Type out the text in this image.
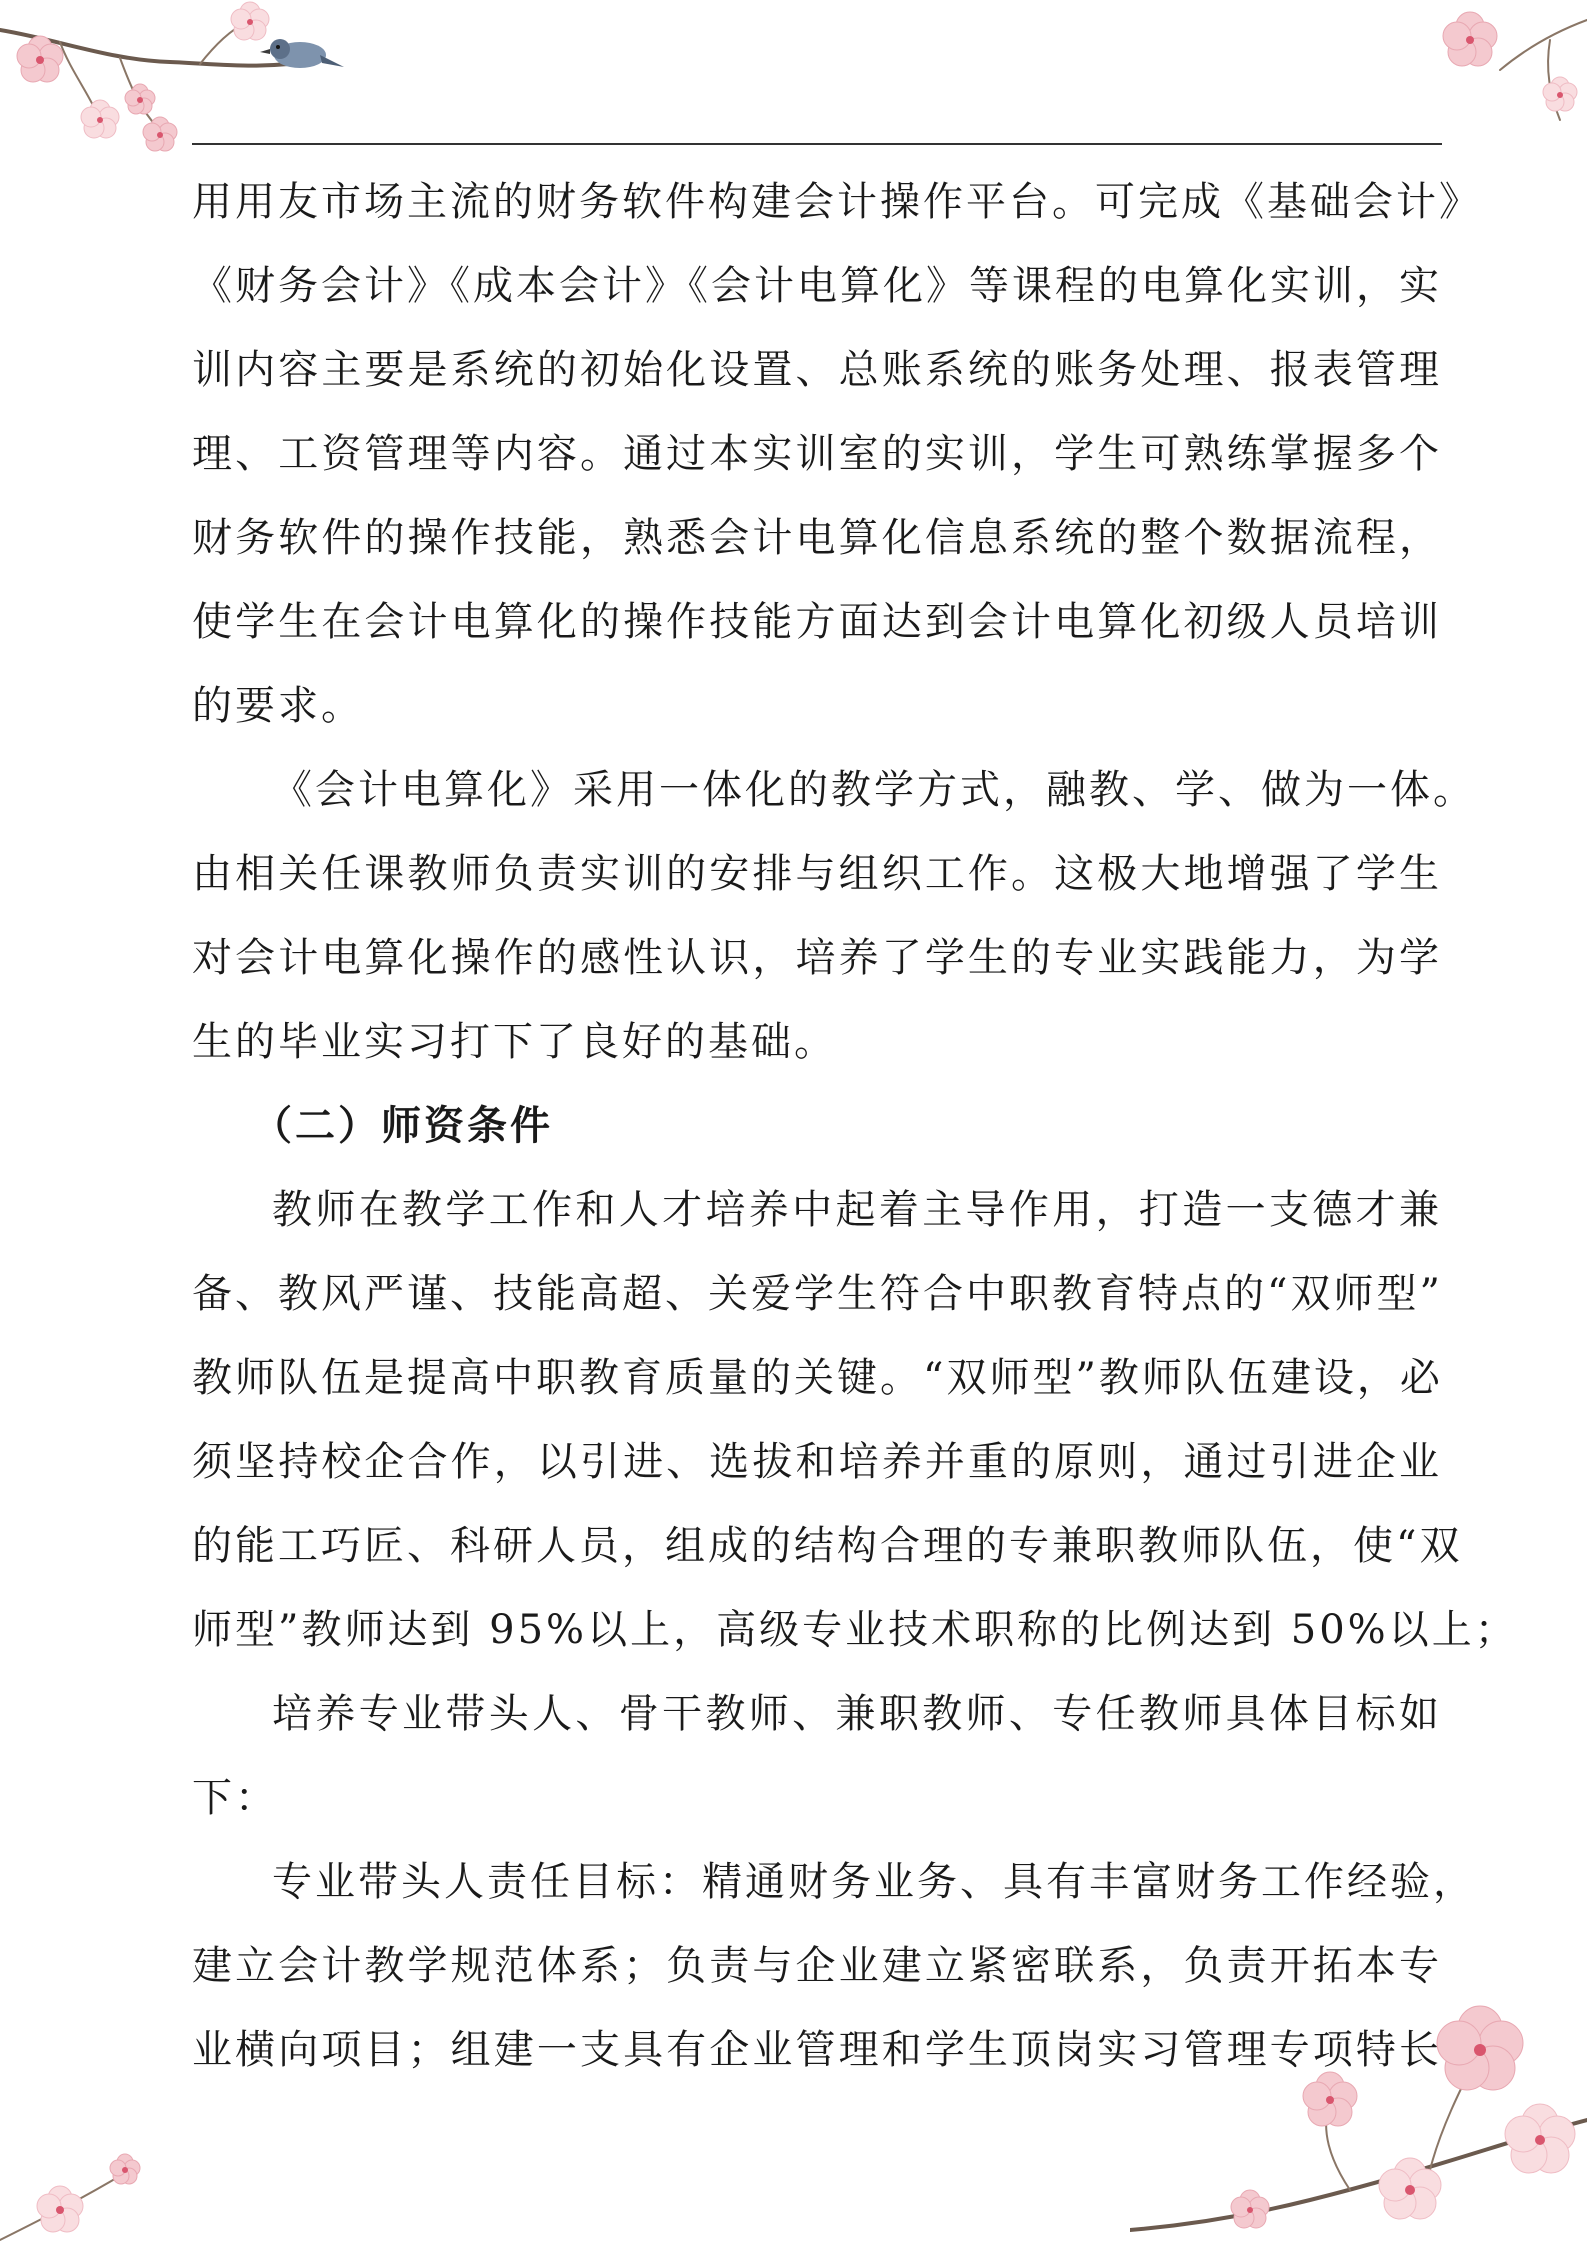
用用友市场主流的财务软件构建会计操作平台。可完成《基础会计》
《财务会计》《成本会计》《会计电算化》等课程的电算化实训，实
训内容主要是系统的初始化设置、总账系统的账务处理、报表管理
理、工资管理等内容。通过本实训室的实训，学生可熟练掌握多个
财务软件的操作技能，熟悉会计电算化信息系统的整个数据流程，
使学生在会计电算化的操作技能方面达到会计电算化初级人员培训
的要求。
《会计电算化》采用一体化的教学方式，融教、学、做为一体。
由相关任课教师负责实训的安排与组织工作。这极大地增强了学生
对会计电算化操作的感性认识，培养了学生的专业实践能力，为学
生的毕业实习打下了良好的基础。
（二）师资条件
教师在教学工作和人才培养中起着主导作用，打造一支德才兼
备、教风严谨、技能高超、关爱学生符合中职教育特点的“双师型”
教师队伍是提高中职教育质量的关键。“双师型”教师队伍建设，必
须坚持校企合作，以引进、选拔和培养并重的原则，通过引进企业
的能工巧匠、科研人员，组成的结构合理的专兼职教师队伍，使“双
师型”教师达到 95%以上，高级专业技术职称的比例达到 50%以上；
培养专业带头人、骨干教师、兼职教师、专任教师具体目标如
下：
专业带头人责任目标：精通财务业务、具有丰富财务工作经验，
建立会计教学规范体系；负责与企业建立紧密联系，负责开拓本专
业横向项目；组建一支具有企业管理和学生顶岗实习管理专项特长
